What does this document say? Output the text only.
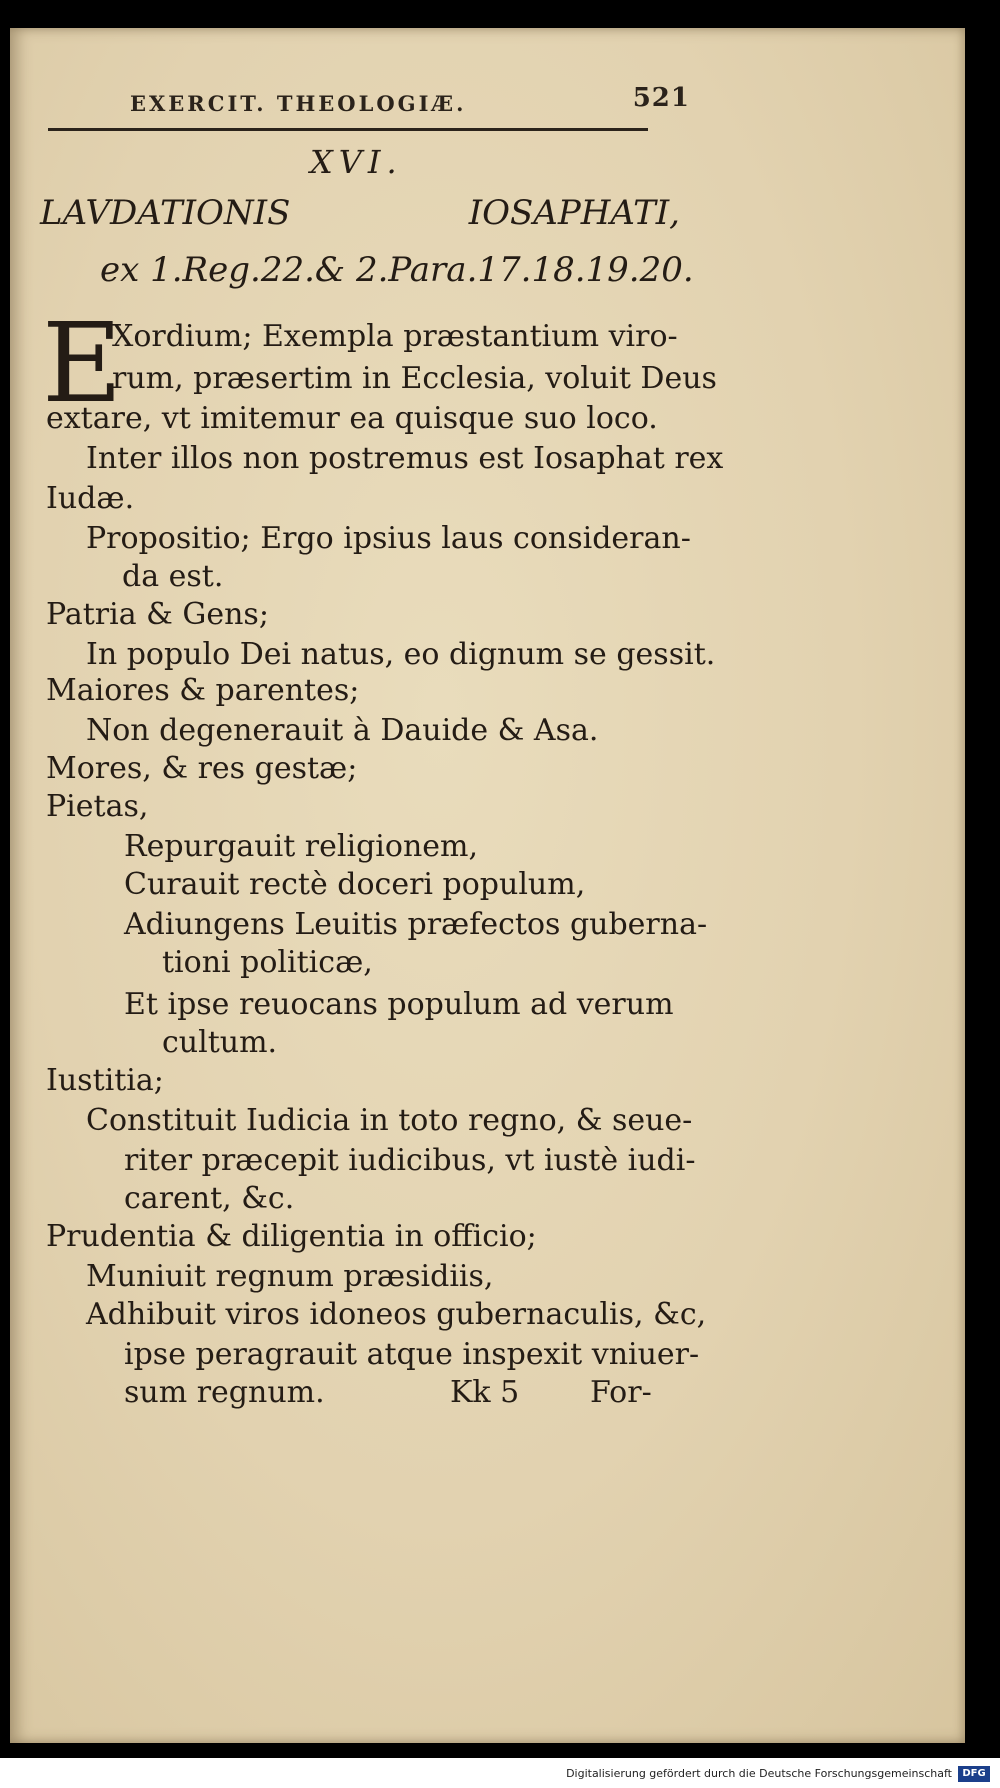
EXERCIT. THEOLOGIÆ.	521
XVI.
LAVDATIONIS	IOSAPHATI,
ex 1.Reg.22.& 2.Para.17.18.19.20.
E
Xordium; Exempla præstantium viro-
rum, præsertim in Ecclesia, voluit Deus
extare, vt imitemur ea quisque suo loco.
Inter illos non postremus est Iosaphat rex
Iudæ.
Propositio; Ergo ipsius laus consideran-
da est.
Patria & Gens;
In populo Dei natus, eo dignum se gessit.
Maiores & parentes;
Non degenerauit à Dauide & Asa.
Mores, & res gestæ;
Pietas,
Repurgauit religionem,
Curauit rectè doceri populum,
Adiungens Leuitis præfectos guberna-
tioni politicæ,
Et ipse reuocans populum ad verum
cultum.
Iustitia;
Constituit Iudicia in toto regno, & seue-
riter præcepit iudicibus, vt iustè iudi-
carent, &c.
Prudentia & diligentia in officio;
Muniuit regnum præsidiis,
Adhibuit viros idoneos gubernaculis, &c,
ipse peragrauit atque inspexit vniuer-
sum regnum.	Kk 5 For-
Digitalisierung gefördert durch die Deutsche Forschungsgemeinschaft	DFG
